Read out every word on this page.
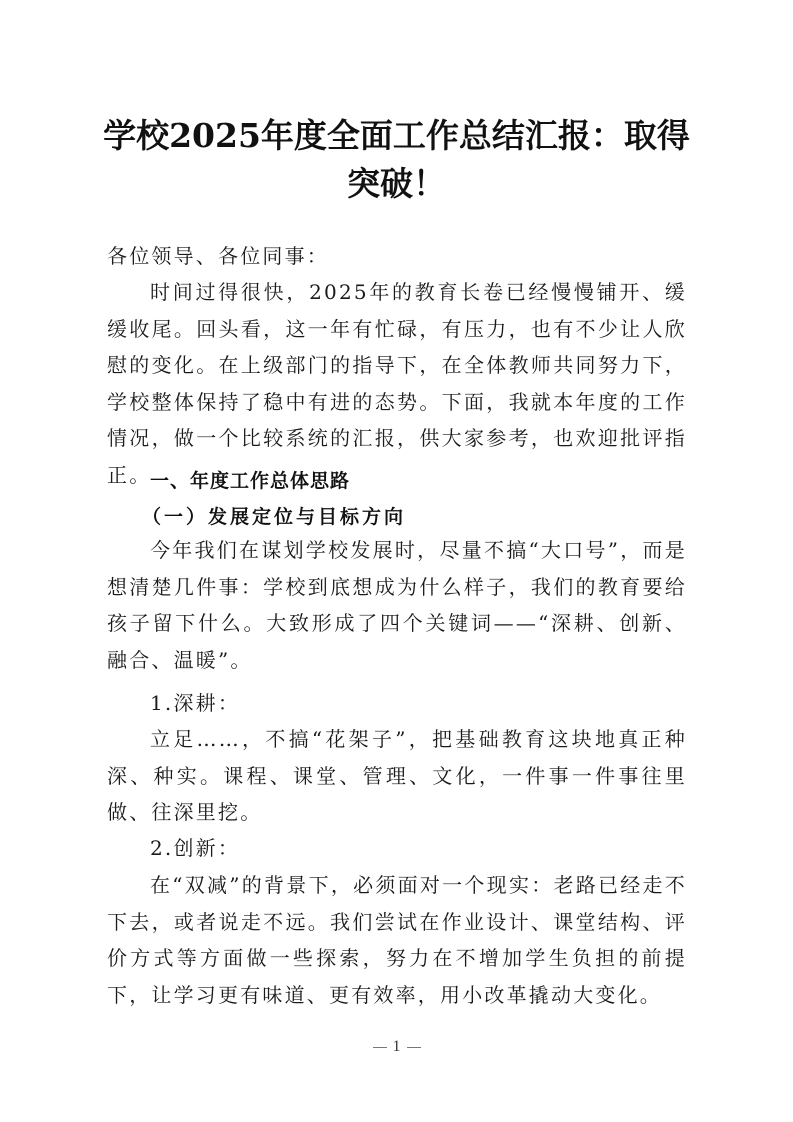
学校2025年度全面工作总结汇报：取得突破！

各位领导、各位同事：

时间过得很快，2025年的教育长卷已经慢慢铺开、缓缓收尾。回头看，这一年有忙碌，有压力，也有不少让人欣慰的变化。在上级部门的指导下，在全体教师共同努力下，学校整体保持了稳中有进的态势。下面，我就本年度的工作情况，做一个比较系统的汇报，供大家参考，也欢迎批评指正。

一、年度工作总体思路
（一）发展定位与目标方向

今年我们在谋划学校发展时，尽量不搞“大口号”，而是想清楚几件事：学校到底想成为什么样子，我们的教育要给孩子留下什么。大致形成了四个关键词——“深耕、创新、融合、温暖”。

1.深耕：

立足……，不搞“花架子”，把基础教育这块地真正种深、种实。课程、课堂、管理、文化，一件事一件事往里做、往深里挖。

2.创新：

在“双减”的背景下，必须面对一个现实：老路已经走不下去，或者说走不远。我们尝试在作业设计、课堂结构、评价方式等方面做一些探索，努力在不增加学生负担的前提下，让学习更有味道、更有效率，用小改革撬动大变化。

1
